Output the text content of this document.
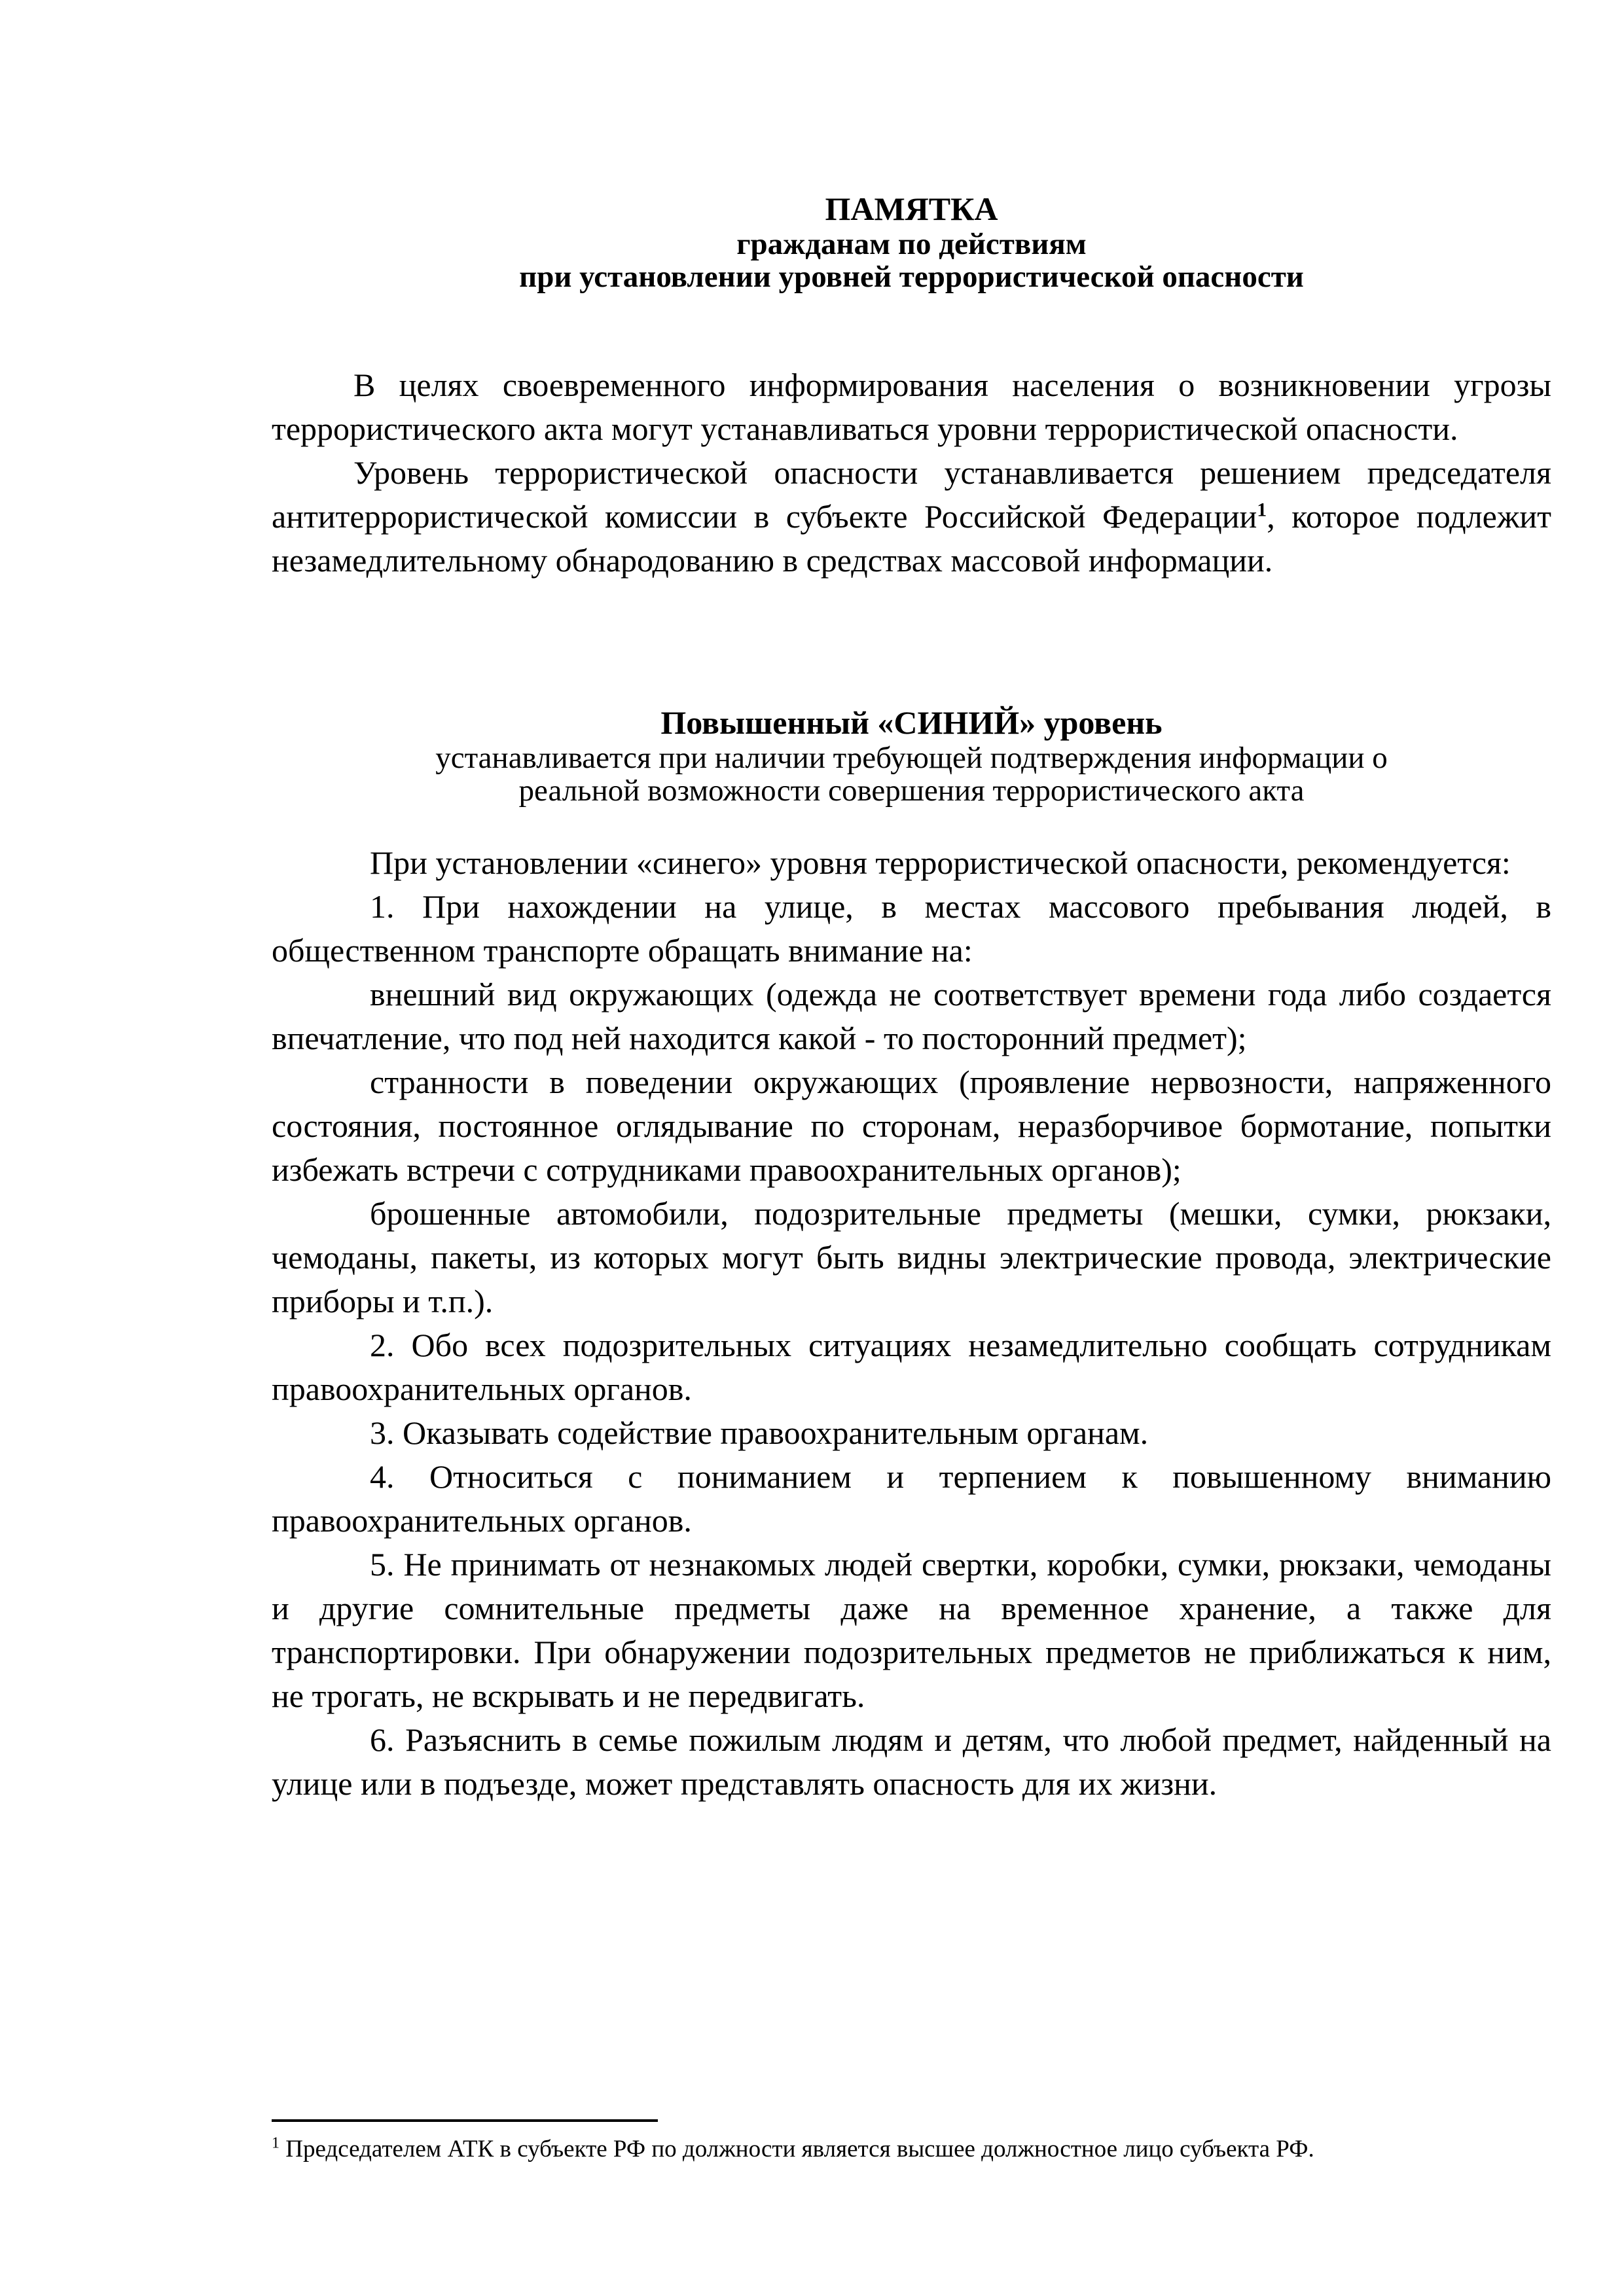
ПАМЯТКА
гражданам по действиям
при установлении уровней террористической опасности

В целях своевременного информирования населения о возникновении угрозы террористического акта могут устанавливаться уровни террористической опасности.

Уровень террористической опасности устанавливается решением председателя антитеррористической комиссии в субъекте Российской Федерации$^1$, которое подлежит незамедлительному обнародованию в средствах массовой информации.

Повышенный «СИНИЙ» уровень
устанавливается при наличии требующей подтверждения информации о
реальной возможности совершения террористического акта

При установлении «синего» уровня террористической опасности, рекомендуется:

1. При нахождении на улице, в местах массового пребывания людей, в общественном транспорте обращать внимание на:

внешний вид окружающих (одежда не соответствует времени года либо создается впечатление, что под ней находится какой - то посторонний предмет);

странности в поведении окружающих (проявление нервозности, напряженного состояния, постоянное оглядывание по сторонам, неразборчивое бормотание, попытки избежать встречи с сотрудниками правоохранительных органов);

брошенные автомобили, подозрительные предметы (мешки, сумки, рюкзаки, чемоданы, пакеты, из которых могут быть видны электрические провода, электрические приборы и т.п.).

2. Обо всех подозрительных ситуациях незамедлительно сообщать сотрудникам правоохранительных органов.

3. Оказывать содействие правоохранительным органам.

4. Относиться с пониманием и терпением к повышенному вниманию правоохранительных органов.

5. Не принимать от незнакомых людей свертки, коробки, сумки, рюкзаки, чемоданы и другие сомнительные предметы даже на временное хранение, а также для транспортировки. При обнаружении подозрительных предметов не приближаться к ним, не трогать, не вскрывать и не передвигать.

6. Разъяснить в семье пожилым людям и детям, что любой предмет, найденный на улице или в подъезде, может представлять опасность для их жизни.

$^1$ Председателем АТК в субъекте РФ по должности является высшее должностное лицо субъекта РФ.
